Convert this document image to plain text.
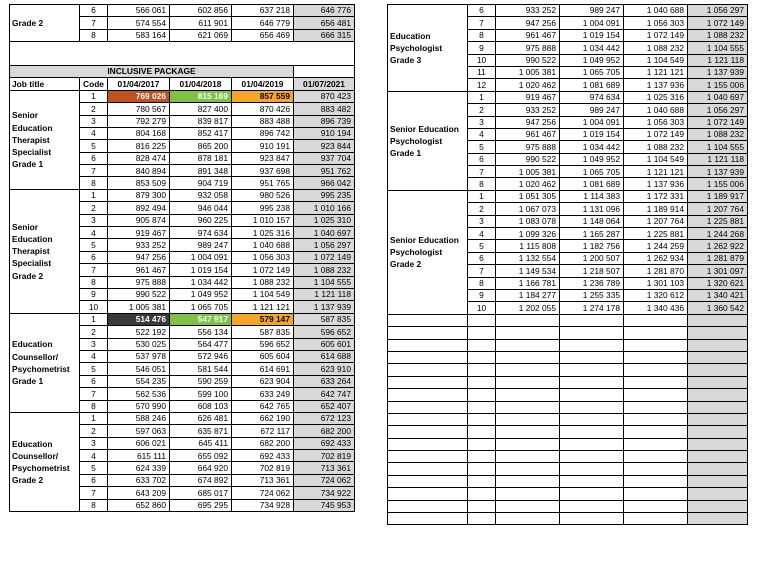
Grade 2	6	566 061	602 856	637 218	646 776
	7	574 554	611 901	646 779	656 481
	8	583 164	621 069	656 469	666 315

INCLUSIVE PACKAGE					
Job title	Code	01/04/2017	01/04/2018	01/04/2019	01/07/2021
Senior Education Therapist Specialist Grade 1	1	769 026	815 169	857 559	870 423
	2	780 567	827 400	870 426	883 482
	3	792 279	839 817	883 488	896 739
	4	804 168	852 417	896 742	910 194
	5	816 225	865 200	910 191	923 844
	6	828 474	878 181	923 847	937 704
	7	840 894	891 348	937 698	951 762
	8	853 509	904 719	951 765	966 042
Senior Education Therapist Specialist Grade 2	1	879 300	932 058	980 526	995 235
	2	892 494	946 044	995 238	1 010 166
	3	905 874	960 225	1 010 157	1 025 310
	4	919 467	974 634	1 025 316	1 040 697
	5	933 252	989 247	1 040 688	1 056 297
	6	947 256	1 004 091	1 056 303	1 072 149
	7	961 467	1 019 154	1 072 149	1 088 232
	8	975 888	1 034 442	1 088 232	1 104 555
	9	990 522	1 049 952	1 104 549	1 121 118
	10	1 005 381	1 065 705	1 121 121	1 137 939
Education Counsellor/ Psychometrist Grade 1	1	514 476	547 917	579 147	587 835
	2	522 192	556 134	587 835	596 652
	3	530 025	564 477	596 652	605 601
	4	537 978	572 946	605 604	614 688
	5	546 051	581 544	614 691	623 910
	6	554 235	590 259	623 904	633 264
	7	562 536	599 100	633 249	642 747
	8	570 990	608 103	642 765	652 407
Education Counsellor/ Psychometrist Grade 2	1	588 246	626 481	662 190	672 123
	2	597 063	635 871	672 117	682 200
	3	606 021	645 411	682 200	692 433
	4	615 111	655 092	692 433	702 819
	5	624 339	664 920	702 819	713 361
	6	633 702	674 892	713 361	724 062
	7	643 209	685 017	724 062	734 922
	8	652 860	695 295	734 928	745 953
Education Psychologist Grade 3	6	933 252	989 247	1 040 688	1 056 297
	7	947 256	1 004 091	1 056 303	1 072 149
	8	961 467	1 019 154	1 072 149	1 088 232
	9	975 888	1 034 442	1 088 232	1 104 555
	10	990 522	1 049 952	1 104 549	1 121 118
	11	1 005 381	1 065 705	1 121 121	1 137 939
	12	1 020 462	1 081 689	1 137 936	1 155 006
Senior Education Psychologist Grade 1	1	919 467	974 634	1 025 316	1 040 697
	2	933 252	989 247	1 040 688	1 056 297
	3	947 256	1 004 091	1 056 303	1 072 149
	4	961 467	1 019 154	1 072 149	1 088 232
	5	975 888	1 034 442	1 088 232	1 104 555
	6	990 522	1 049 952	1 104 549	1 121 118
	7	1 005 381	1 065 705	1 121 121	1 137 939
	8	1 020 462	1 081 689	1 137 936	1 155 006
Senior Education Psychologist Grade 2	1	1 051 305	1 114 383	1 172 331	1 189 917
	2	1 067 073	1 131 096	1 189 914	1 207 764
	3	1 083 078	1 148 064	1 207 764	1 225 881
	4	1 099 326	1 165 287	1 225 881	1 244 268
	5	1 115 808	1 182 756	1 244 259	1 262 922
	6	1 132 554	1 200 507	1 262 934	1 281 879
	7	1 149 534	1 218 507	1 281 870	1 301 097
	8	1 166 781	1 236 789	1 301 103	1 320 621
	9	1 184 277	1 255 335	1 320 612	1 340 421
	10	1 202 055	1 274 178	1 340 436	1 360 542
